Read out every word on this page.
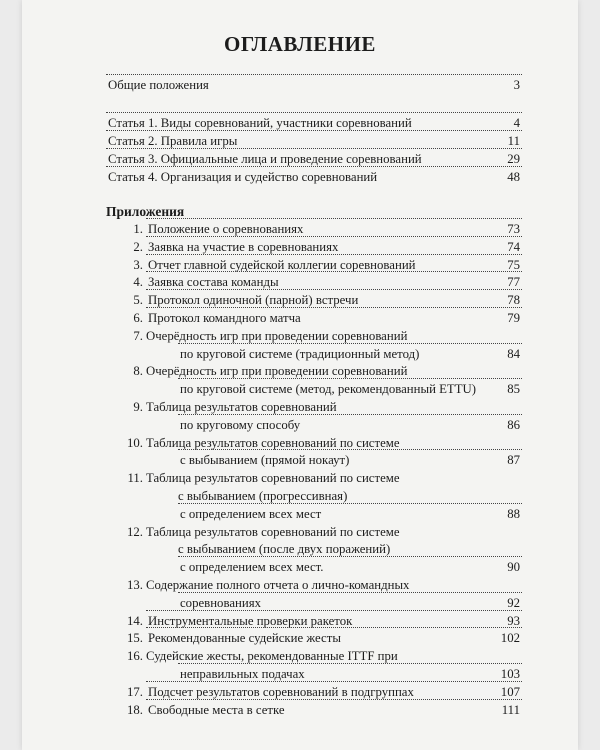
ОГЛАВЛЕНИЕ
Общие положения	3
Статья 1. Виды соревнований, участники соревнований	4
Статья 2. Правила игры	11
Статья 3. Официальные лица и проведение соревнований	29
Статья 4. Организация и судейство соревнований	48
Приложения
1. Положение о соревнованиях	73
2. Заявка на участие в соревнованиях	74
3. Отчет главной судейской коллегии соревнований	75
4. Заявка состава команды	77
5. Протокол одиночной (парной) встречи	78
6. Протокол командного матча	79
7. Очерёдность игр при проведении соревнований
по круговой системе (традиционный метод)	84
8. Очерёдность игр при проведении соревнований
по круговой системе (метод, рекомендованный ETTU) 85
9. Таблица результатов соревнований
по круговому способу	86
10. Таблица результатов соревнований по системе
с выбыванием (прямой нокаут)	87
11. Таблица результатов соревнований по системе
с выбыванием (прогрессивная)
с определением всех мест	88
12. Таблица результатов соревнований по системе
с выбыванием (после двух поражений)
с определением всех мест.	90
13. Содержание полного отчета о лично-командных
соревнованиях	92
14. Инструментальные проверки ракеток	93
15. Рекомендованные судейские жесты	102
16. Судейские жесты, рекомендованные ITTF при
неправильных подачах	103
17. Подсчет результатов соревнований в подгруппах	107
18. Свободные места в сетке	111
